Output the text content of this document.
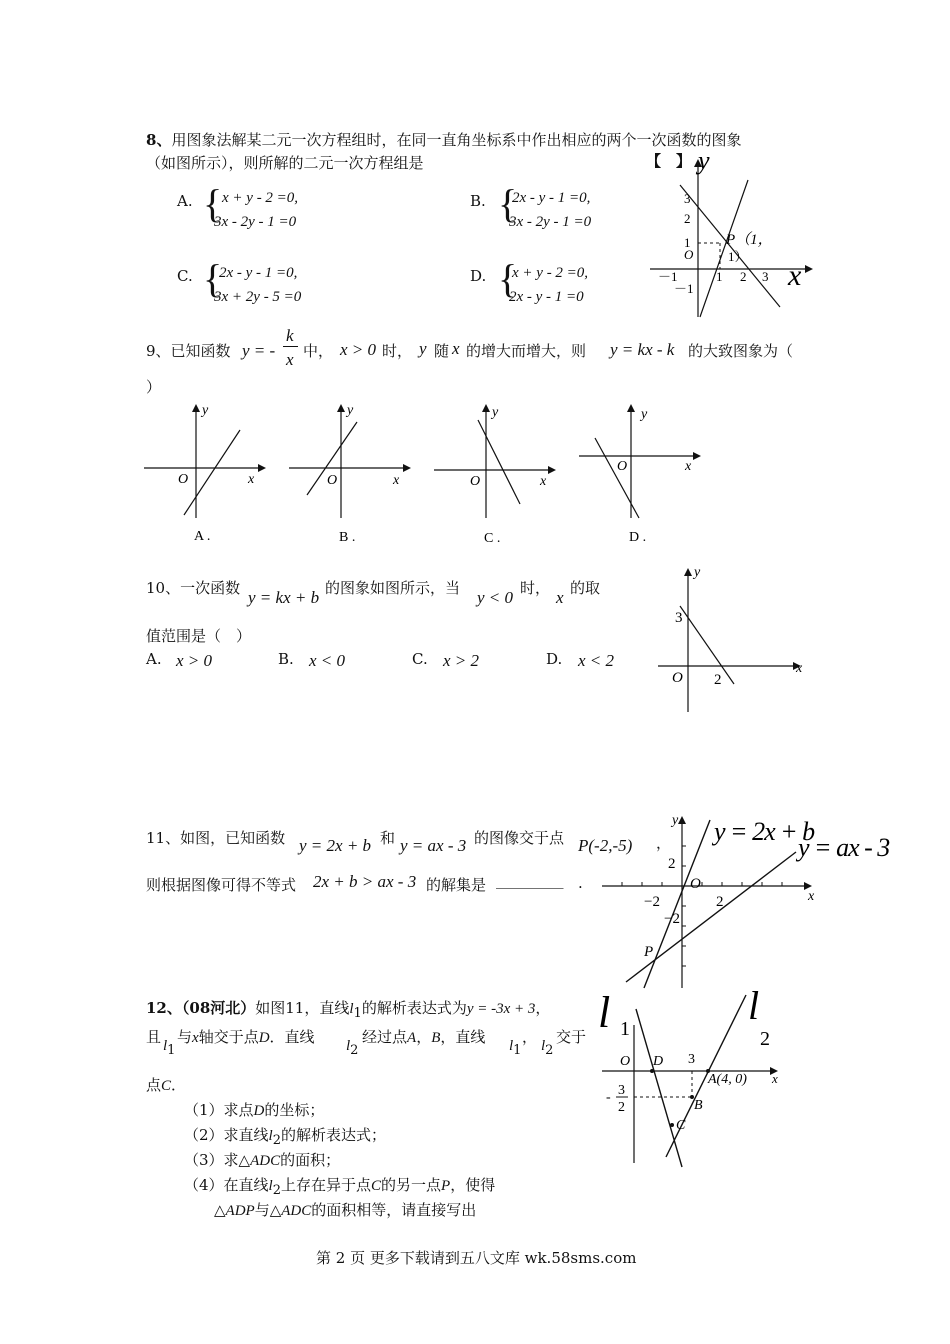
8、用图象法解某二元一次方程组时，在同一直角坐标系中作出相应的两个一次函数的图象
（如图所示），则所解的二元一次方程组是	【　】
A. { x + y - 2 =0,
3x - 2y - 1 =0
B. {
2x - y - 1 =0,
3x - 2y - 1 =0
C. {
2x - y - 1 =0,
3x + 2y - 5 =0
D. {
x + y - 2 =0,
2x - y - 1 =0
y
x
O
3
2
1
－1
1 2 3
－1
P（1，
1）
9、已知函数 y = -
k
x 中， x > 0 时， y 随 x 的增大而增大，则 y = kx - k 的大致图象为（
）
y
O	x
A .
y
O	x
B .
y
O	x
C .
y
O	x
D .
10、一次函数 y = kx + b 的图象如图所示，当 y < 0 时， x 的取
值范围是（　）
A. x > 0	B. x < 0	C. x > 2	D. x < 2
y
x
O
3
2
11、如图，已知函数 y = 2x + b 和 y = ax - 3 的图像交于点 P(-2,-5) ，
则根据图像可得不等式 2x + b > ax - 3 的解集是 _________ .
y
x
O
2
−2
2
−2
P
y = 2x + b
y = ax - 3
12、（08河北）如图11，直线$l_1$的解析表达式为y = -3x + 3，
且 $l_1$
与x轴交于点D．直线 $l_2$
经过点A，B，直线 $l_1$
， $l_2$
交于
点C．
（1）求点D的坐标；
（2）求直线$l_2$的解析表达式；
（3）求△ADC的面积；
（4）在直线$l_2$上存在异于点C的另一点P，使得
△ADP与△ADC的面积相等，请直接写出
l 1
l
2
O D 3
A(4, 0) x
- 3
2	B
C
第 2 页 更多下载请到五八文库 wk.58sms.com
